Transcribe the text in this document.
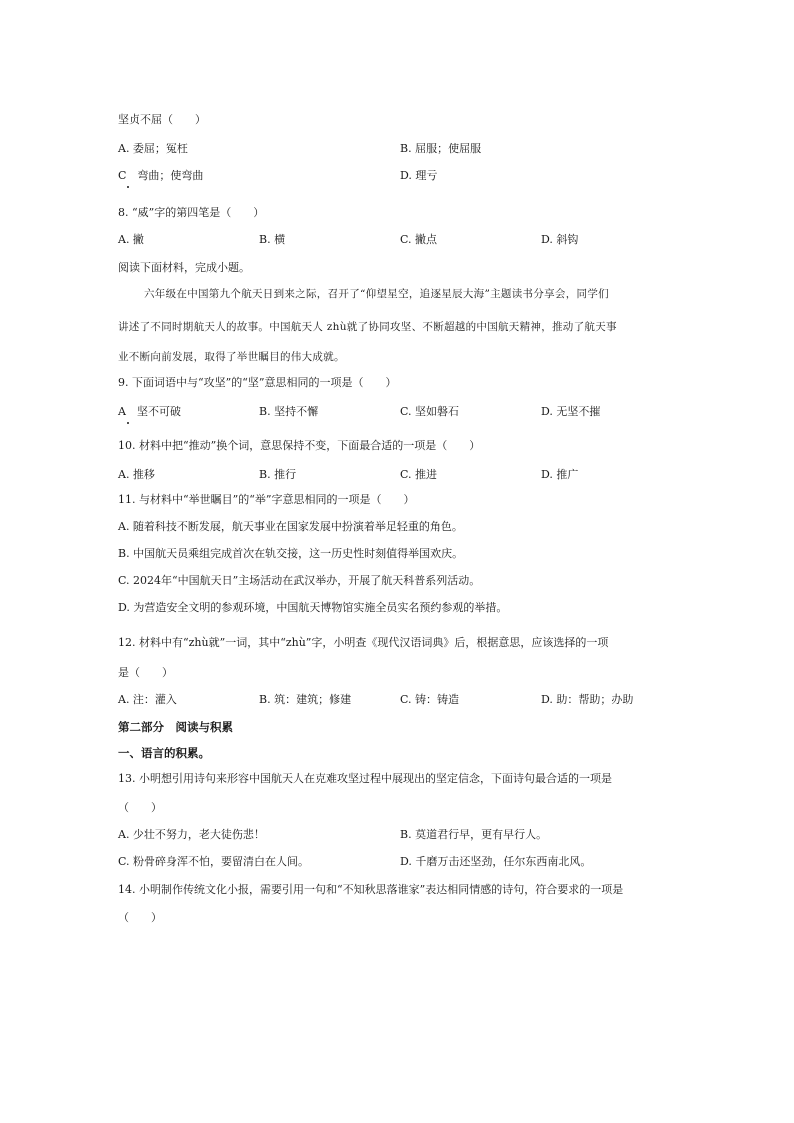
坚贞不屈（　　）
A. 委屈；冤枉	B. 屈服；使屈服
C　弯曲；使弯曲	D. 理亏
8. “威”字的第四笔是（　　）
A. 撇	B. 横	C. 撇点	D. 斜钩
阅读下面材料，完成小题。
六年级在中国第九个航天日到来之际，召开了“仰望星空，追逐星辰大海”主题读书分享会，同学们
讲述了不同时期航天人的故事。中国航天人 zhù就了协同攻坚、不断超越的中国航天精神，推动了航天事
业不断向前发展，取得了举世瞩目的伟大成就。
9. 下面词语中与“攻坚”的“坚”意思相同的一项是（　　）
A　坚不可破	B. 坚持不懈	C. 坚如磐石	D. 无坚不摧
10. 材料中把“推动”换个词，意思保持不变，下面最合适的一项是（　　）
A. 推移	B. 推行	C. 推进	D. 推广
11. 与材料中“举世瞩目”的“举”字意思相同的一项是（　　）
A. 随着科技不断发展，航天事业在国家发展中扮演着举足轻重的角色。
B. 中国航天员乘组完成首次在轨交接，这一历史性时刻值得举国欢庆。
C. 2024年“中国航天日”主场活动在武汉举办，开展了航天科普系列活动。
D. 为营造安全文明的参观环境，中国航天博物馆实施全员实名预约参观的举措。
12. 材料中有“zhù就”一词，其中“zhù”字，小明查《现代汉语词典》后，根据意思，应该选择的一项
是（　　）
A. 注：灌入	B. 筑：建筑；修建	C. 铸：铸造	D. 助：帮助；办助
第二部分　阅读与积累
一、语言的积累。
13. 小明想引用诗句来形容中国航天人在克难攻坚过程中展现出的坚定信念，下面诗句最合适的一项是
（　　）
A. 少壮不努力，老大徒伤悲！	B. 莫道君行早，更有早行人。
C. 粉骨碎身浑不怕，要留清白在人间。	D. 千磨万击还坚劲，任尔东西南北风。
14. 小明制作传统文化小报，需要引用一句和“不知秋思落谁家”表达相同情感的诗句，符合要求的一项是
（　　）
